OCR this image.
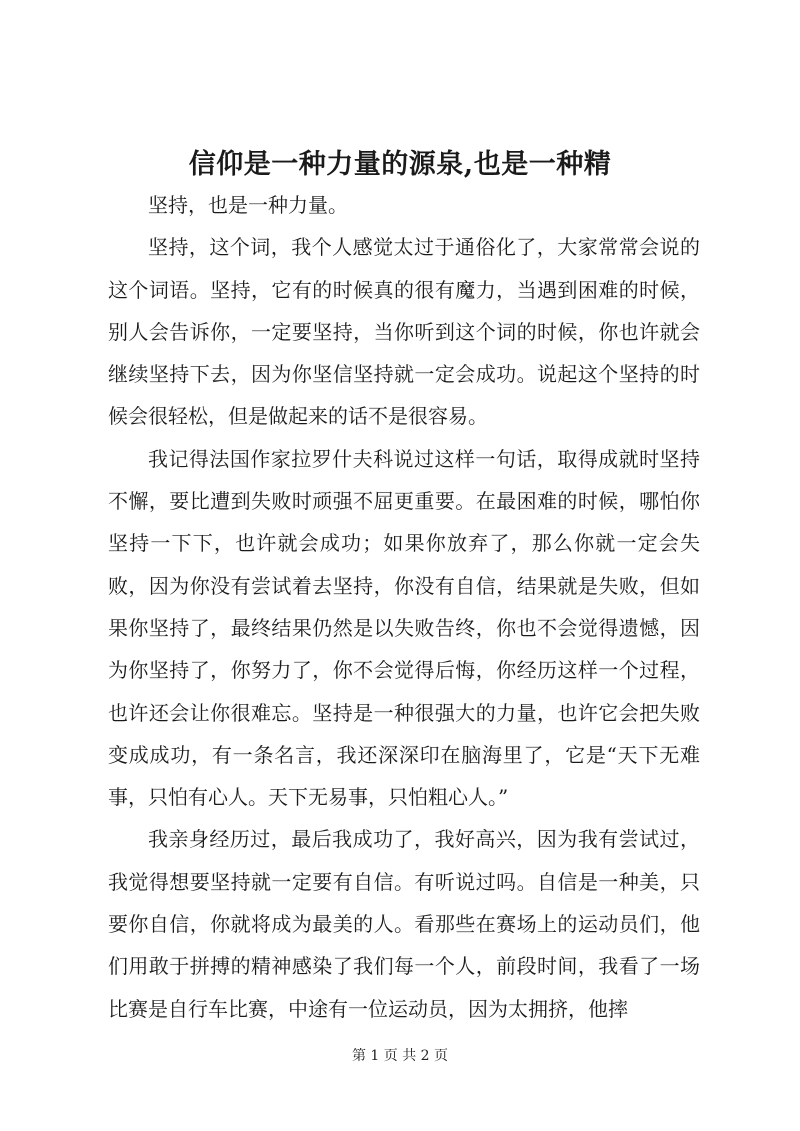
信仰是一种力量的源泉,也是一种精

坚持，也是一种力量。

坚持，这个词，我个人感觉太过于通俗化了，大家常常会说的这个词语。坚持，它有的时候真的很有魔力，当遇到困难的时候，别人会告诉你，一定要坚持，当你听到这个词的时候，你也许就会继续坚持下去，因为你坚信坚持就一定会成功。说起这个坚持的时候会很轻松，但是做起来的话不是很容易。

我记得法国作家拉罗什夫科说过这样一句话，取得成就时坚持不懈，要比遭到失败时顽强不屈更重要。在最困难的时候，哪怕你坚持一下下，也许就会成功；如果你放弃了，那么你就一定会失败，因为你没有尝试着去坚持，你没有自信，结果就是失败，但如果你坚持了，最终结果仍然是以失败告终，你也不会觉得遗憾，因为你坚持了，你努力了，你不会觉得后悔，你经历这样一个过程，也许还会让你很难忘。坚持是一种很强大的力量，也许它会把失败变成成功，有一条名言，我还深深印在脑海里了，它是“天下无难事，只怕有心人。天下无易事，只怕粗心人。”

我亲身经历过，最后我成功了，我好高兴，因为我有尝试过，我觉得想要坚持就一定要有自信。有听说过吗。自信是一种美，只要你自信，你就将成为最美的人。看那些在赛场上的运动员们，他们用敢于拼搏的精神感染了我们每一个人，前段时间，我看了一场比赛是自行车比赛，中途有一位运动员，因为太拥挤，他摔

第 1 页 共 2 页
